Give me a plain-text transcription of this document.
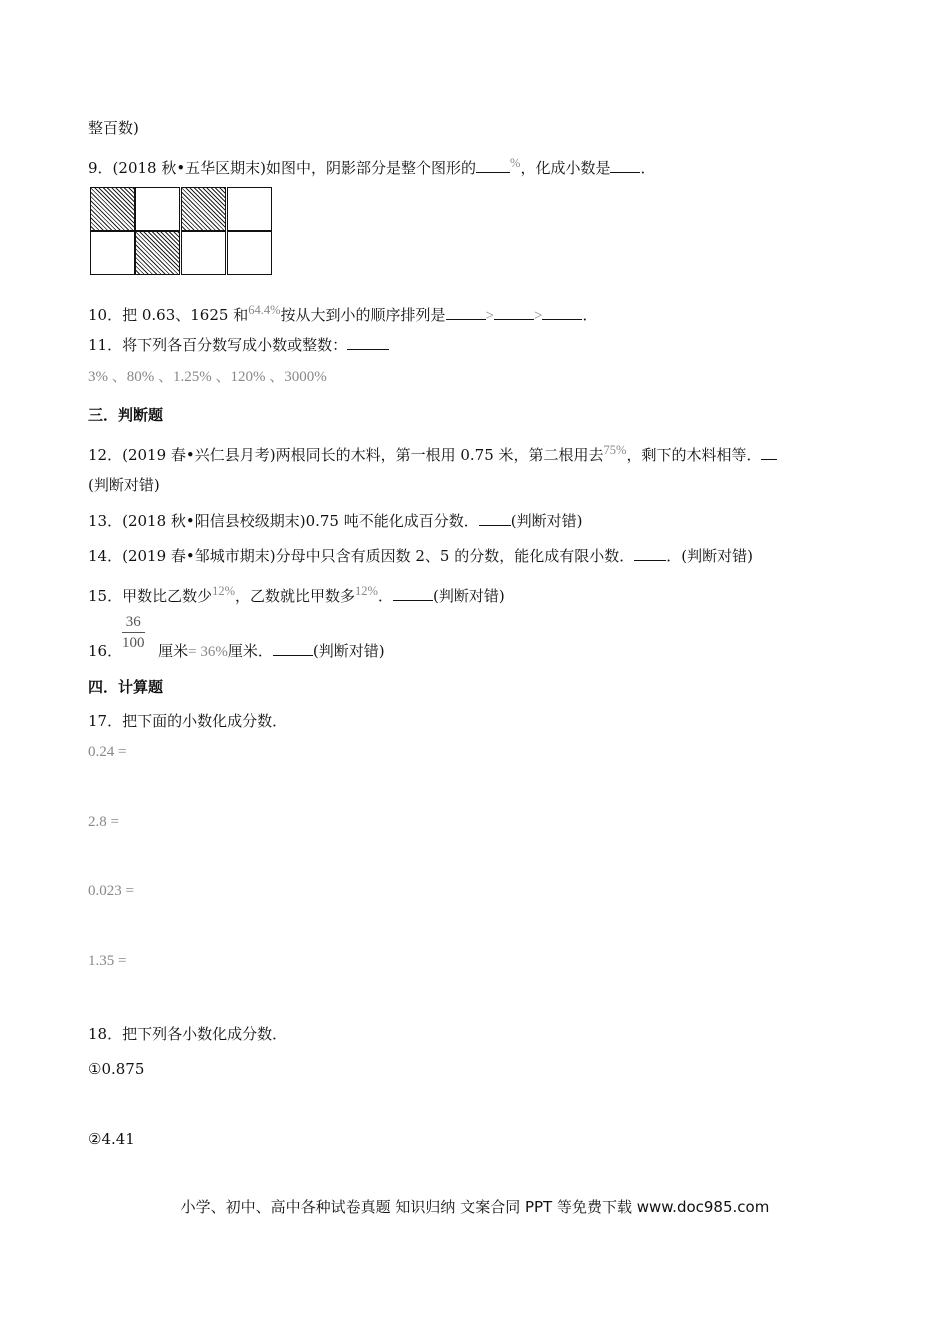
整百数)
9．(2018 秋•五华区期末)如图中，阴影部分是整个图形的	%，化成小数是 ．
10．把 0.63、1625 和$^{64.4\%}$按从大到小的顺序排列是	>	>	．
11．将下列各百分数写成小数或整数：
3% 、80% 、1.25% 、120% 、3000%
三．判断题
12．(2019 春•兴仁县月考)两根同长的木料，第一根用 0.75 米，第二根用去$^{75\%}$，剩下的木料相等．
(判断对错)
13．(2018 秋•阳信县校级期末)0.75 吨不能化成百分数． (判断对错)
14．(2019 春•邹城市期末)分母中只含有质因数 2、5 的分数，能化成有限小数． ．(判断对错)
15．甲数比乙数少$^{12\%}$，乙数就比甲数多$^{12\%}$．	(判断对错)
$\frac{36}{100}$
16． 厘米= 36%厘米．	(判断对错)
四．计算题
17．把下面的小数化成分数．
0.24 =
2.8 =
0.023 =
1.35 =
18．把下列各小数化成分数．
①0.875
②4.41
小学、初中、高中各种试卷真题 知识归纳 文案合同 PPT 等免费下载 www.doc985.com
